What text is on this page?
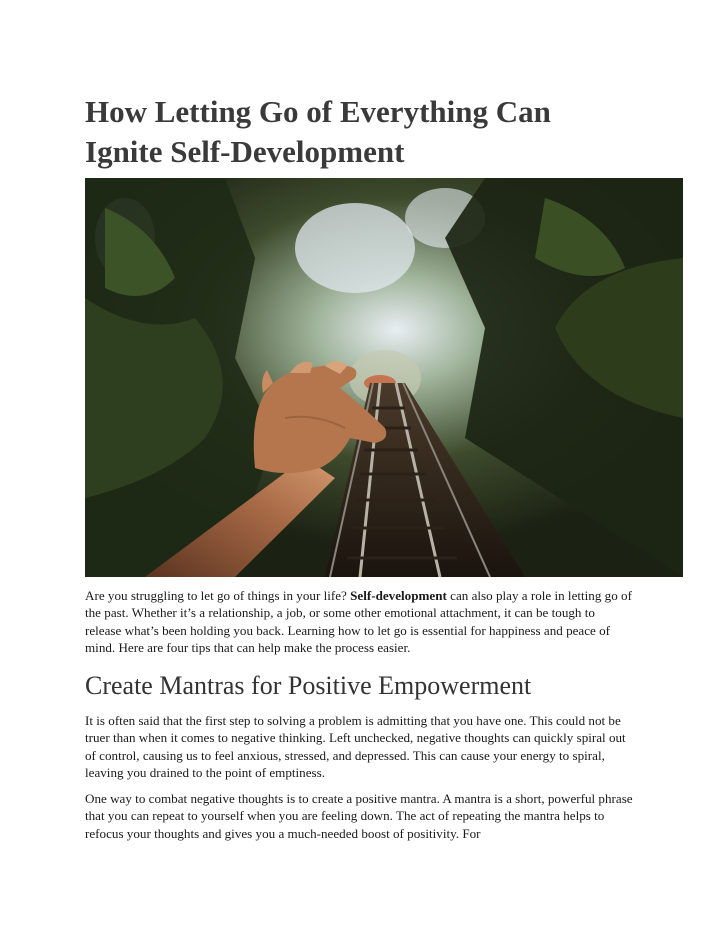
How Letting Go of Everything Can
Ignite Self-Development

Are you struggling to let go of things in your life? Self-development can also play a role in letting go of the past. Whether it’s a relationship, a job, or some other emotional attachment, it can be tough to release what’s been holding you back. Learning how to let go is essential for happiness and peace of mind. Here are four tips that can help make the process easier.

Create Mantras for Positive Empowerment

It is often said that the first step to solving a problem is admitting that you have one. This could not be truer than when it comes to negative thinking. Left unchecked, negative thoughts can quickly spiral out of control, causing us to feel anxious, stressed, and depressed. This can cause your energy to spiral, leaving you drained to the point of emptiness.

One way to combat negative thoughts is to create a positive mantra. A mantra is a short, powerful phrase that you can repeat to yourself when you are feeling down. The act of repeating the mantra helps to refocus your thoughts and gives you a much-needed boost of positivity. For
